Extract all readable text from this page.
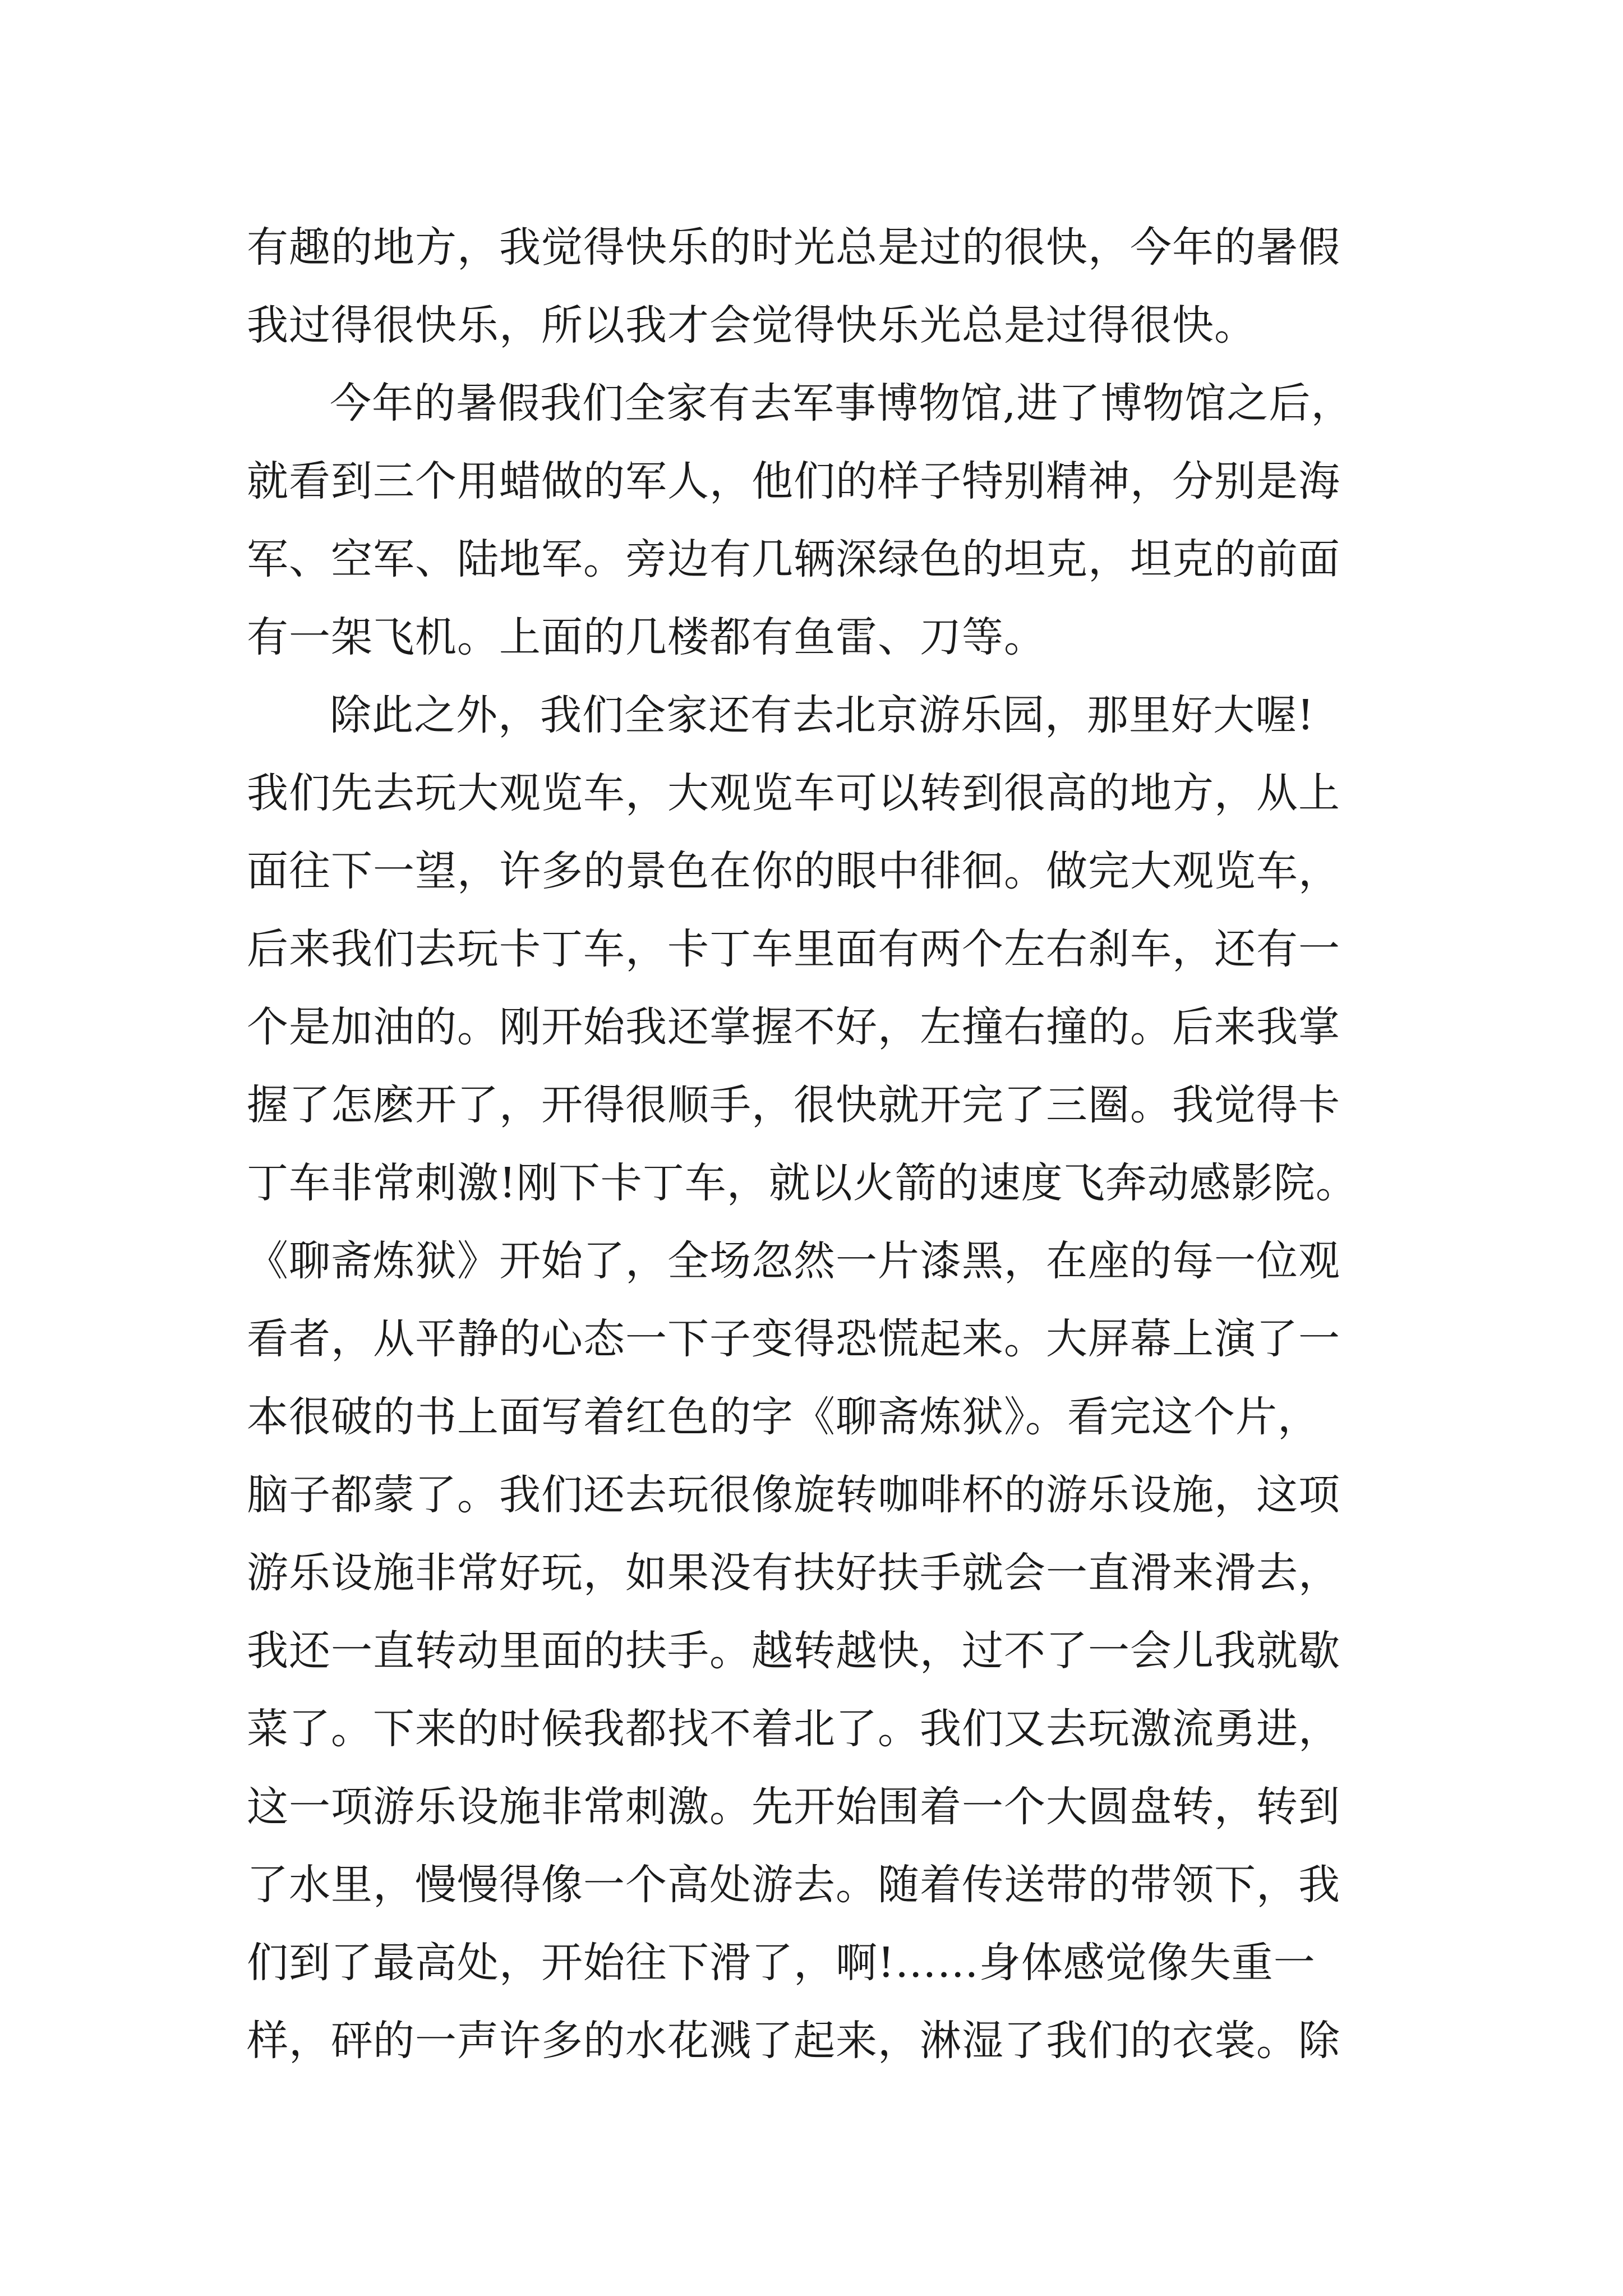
有趣的地方，我觉得快乐的时光总是过的很快，今年的暑假
我过得很快乐，所以我才会觉得快乐光总是过得很快。
今年的暑假我们全家有去军事博物馆,进了博物馆之后，
就看到三个用蜡做的军人，他们的样子特别精神，分别是海
军、空军、陆地军。旁边有几辆深绿色的坦克，坦克的前面
有一架飞机。上面的几楼都有鱼雷、刀等。
除此之外，我们全家还有去北京游乐园，那里好大喔!
我们先去玩大观览车，大观览车可以转到很高的地方，从上
面往下一望，许多的景色在你的眼中徘徊。做完大观览车，
后来我们去玩卡丁车，卡丁车里面有两个左右刹车，还有一
个是加油的。刚开始我还掌握不好，左撞右撞的。后来我掌
握了怎麽开了，开得很顺手，很快就开完了三圈。我觉得卡
丁车非常刺激!刚下卡丁车，就以火箭的速度飞奔动感影院。
《聊斋炼狱》开始了，全场忽然一片漆黑，在座的每一位观
看者，从平静的心态一下子变得恐慌起来。大屏幕上演了一
本很破的书上面写着红色的字《聊斋炼狱》。看完这个片，
脑子都蒙了。我们还去玩很像旋转咖啡杯的游乐设施，这项
游乐设施非常好玩，如果没有扶好扶手就会一直滑来滑去，
我还一直转动里面的扶手。越转越快，过不了一会儿我就歇
菜了。下来的时候我都找不着北了。我们又去玩激流勇进，
这一项游乐设施非常刺激。先开始围着一个大圆盘转，转到
了水里，慢慢得像一个高处游去。随着传送带的带领下，我
们到了最高处，开始往下滑了，啊!……身体感觉像失重一
样，砰的一声许多的水花溅了起来，淋湿了我们的衣裳。除
